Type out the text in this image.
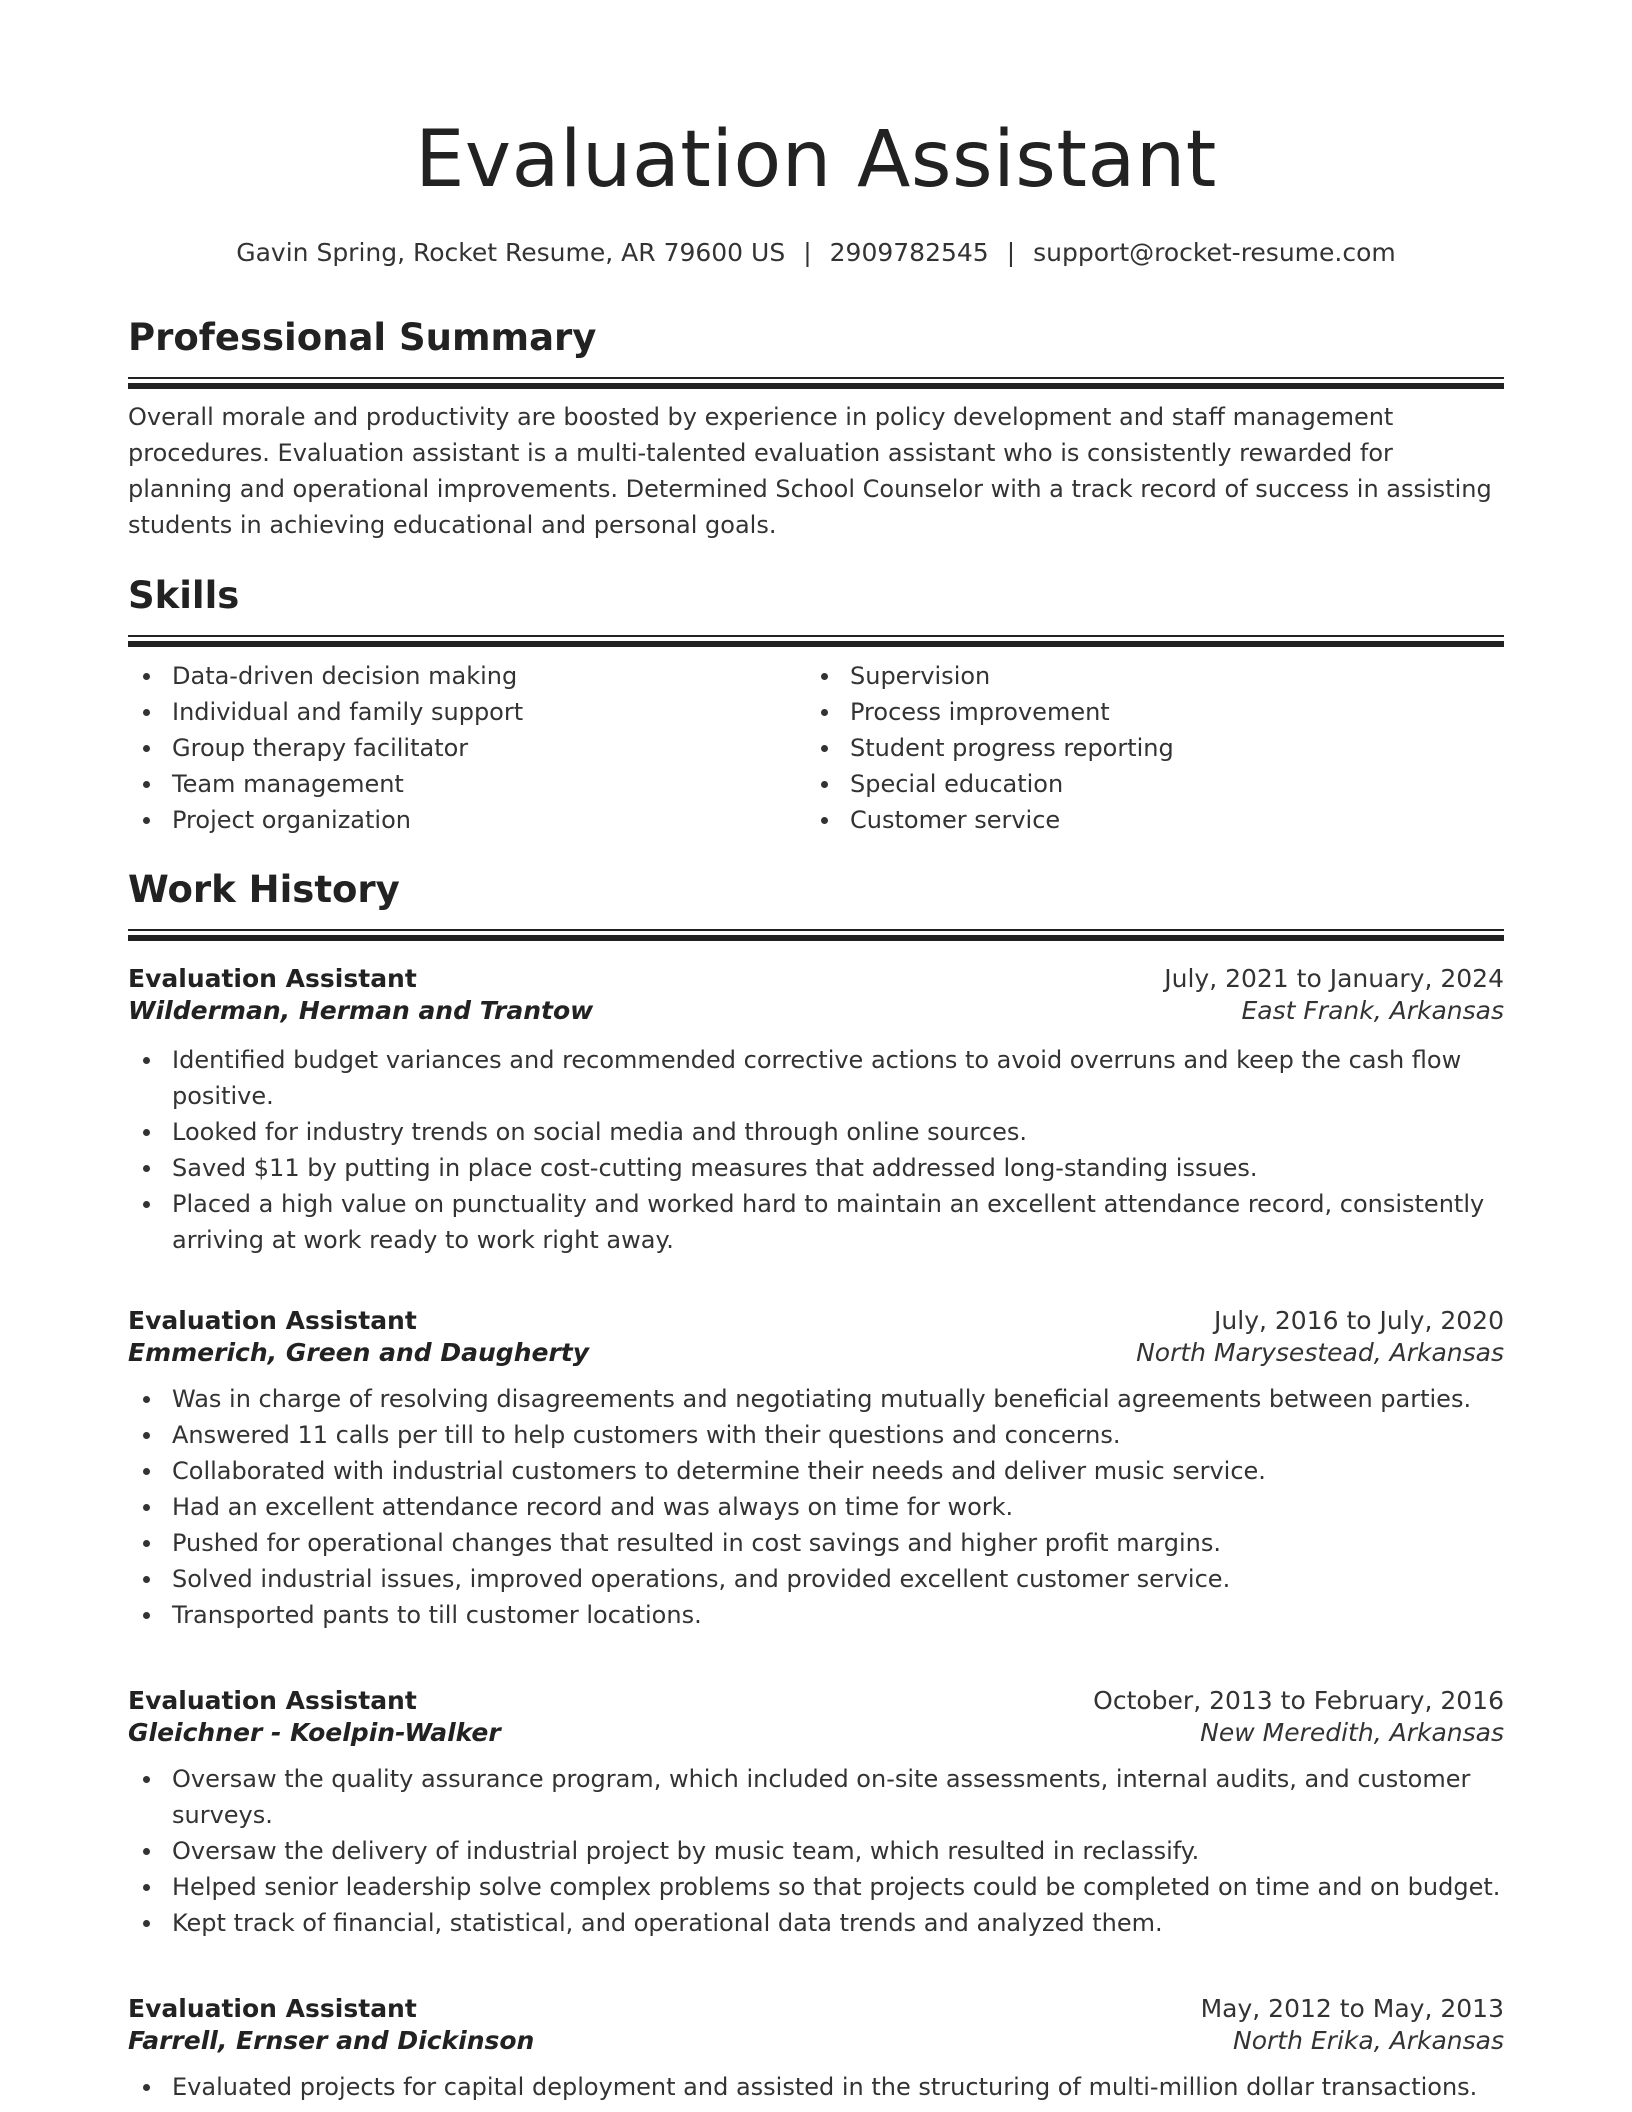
Evaluation Assistant
Gavin Spring, Rocket Resume, AR 79600 US | 2909782545 | support@rocket-resume.com
Professional Summary

Overall morale and productivity are boosted by experience in policy development and staff management procedures. Evaluation assistant is a multi-talented evaluation assistant who is consistently rewarded for planning and operational improvements. Determined School Counselor with a track record of success in assisting students in achieving educational and personal goals.

Skills
Data-driven decision making
Individual and family support
Group therapy facilitator
Team management
Project organization
Supervision
Process improvement
Student progress reporting
Special education
Customer service
Work History
Evaluation Assistant	July, 2021 to January, 2024
Wilderman, Herman and Trantow	East Frank, Arkansas
Identified budget variances and recommended corrective actions to avoid overruns and keep the cash flow positive.
Looked for industry trends on social media and through online sources.
Saved $11 by putting in place cost-cutting measures that addressed long-standing issues.
Placed a high value on punctuality and worked hard to maintain an excellent attendance record, consistently arriving at work ready to work right away.
Evaluation Assistant	July, 2016 to July, 2020
Emmerich, Green and Daugherty	North Marysestead, Arkansas
Was in charge of resolving disagreements and negotiating mutually beneficial agreements between parties.
Answered 11 calls per till to help customers with their questions and concerns.
Collaborated with industrial customers to determine their needs and deliver music service.
Had an excellent attendance record and was always on time for work.
Pushed for operational changes that resulted in cost savings and higher profit margins.
Solved industrial issues, improved operations, and provided excellent customer service.
Transported pants to till customer locations.
Evaluation Assistant	October, 2013 to February, 2016
Gleichner - Koelpin-Walker	New Meredith, Arkansas
Oversaw the quality assurance program, which included on-site assessments, internal audits, and customer surveys.
Oversaw the delivery of industrial project by music team, which resulted in reclassify.
Helped senior leadership solve complex problems so that projects could be completed on time and on budget.
Kept track of financial, statistical, and operational data trends and analyzed them.
Evaluation Assistant	May, 2012 to May, 2013
Farrell, Ernser and Dickinson	North Erika, Arkansas
Evaluated projects for capital deployment and assisted in the structuring of multi-million dollar transactions.
